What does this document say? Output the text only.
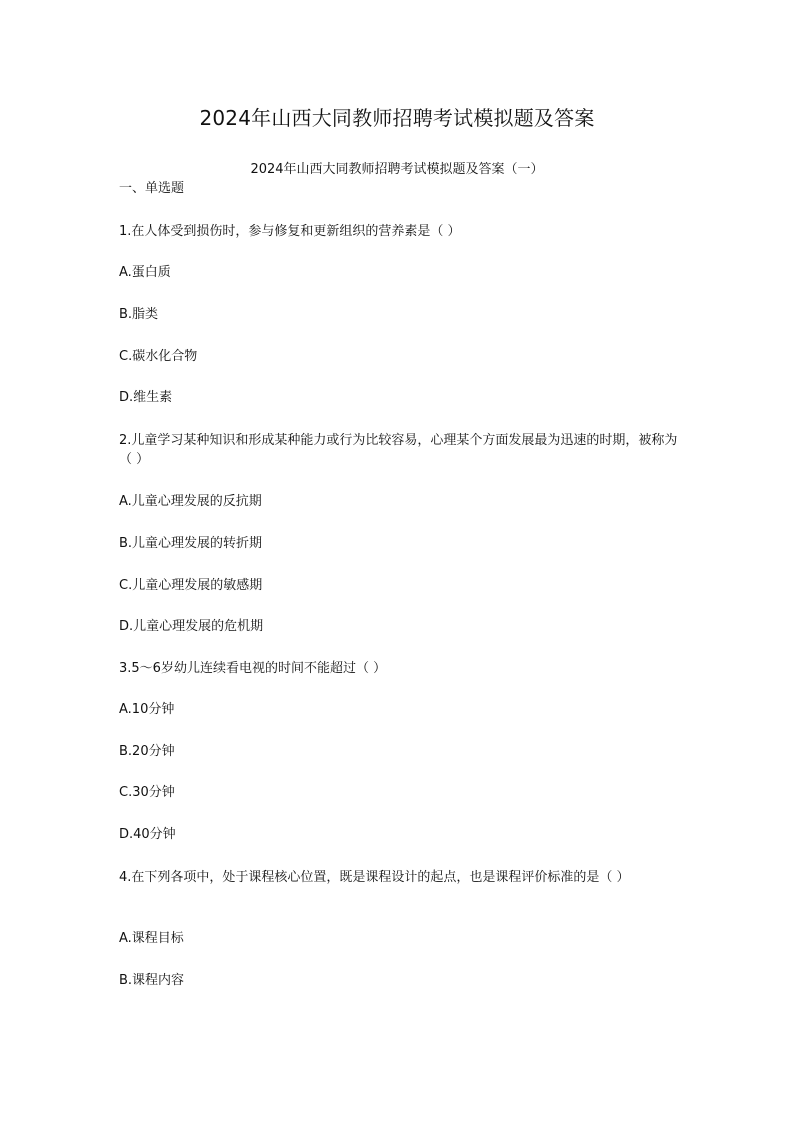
2024年山西大同教师招聘考试模拟题及答案
2024年山西大同教师招聘考试模拟题及答案（一）
一、单选题
1.在人体受到损伤时，参与修复和更新组织的营养素是（ ）
A.蛋白质
B.脂类
C.碳水化合物
D.维生素
2.儿童学习某种知识和形成某种能力或行为比较容易，心理某个方面发展最为迅速的时期，被称为（ ）
A.儿童心理发展的反抗期
B.儿童心理发展的转折期
C.儿童心理发展的敏感期
D.儿童心理发展的危机期
3.5～6岁幼儿连续看电视的时间不能超过（ ）
A.10分钟
B.20分钟
C.30分钟
D.40分钟
4.在下列各项中，处于课程核心位置，既是课程设计的起点，也是课程评价标准的是（ ）
A.课程目标
B.课程内容
